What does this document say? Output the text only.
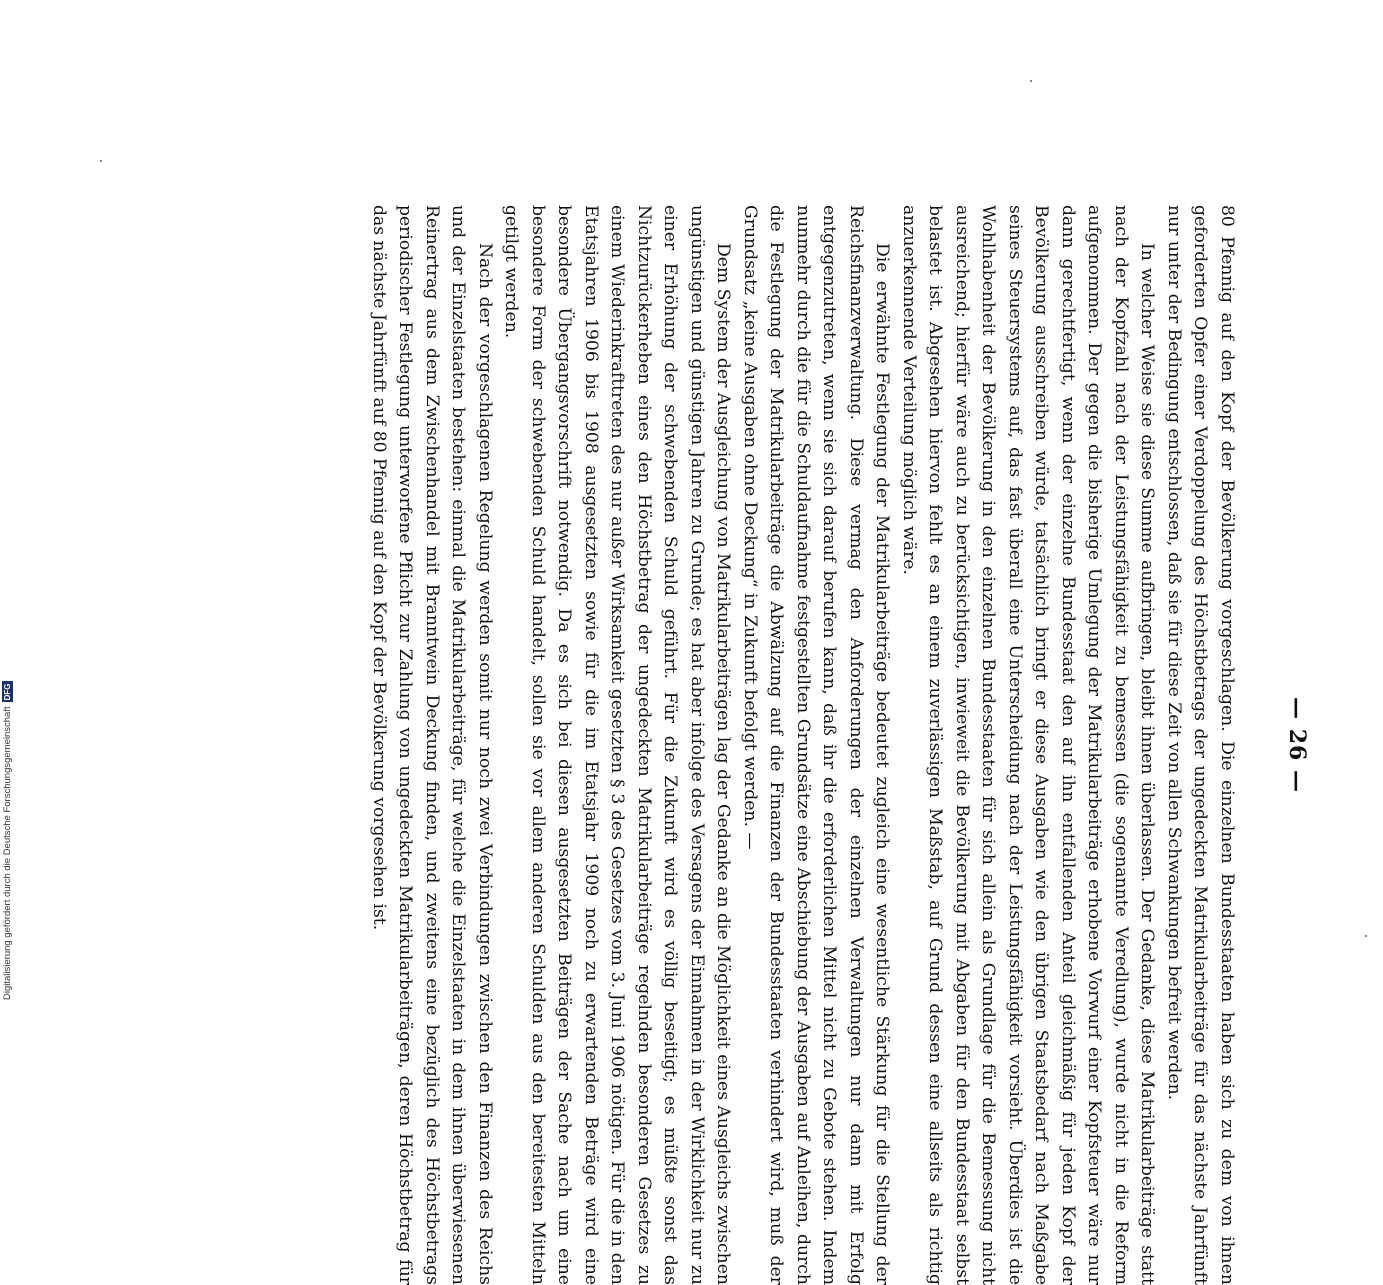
— 26 —

80 Pfennig auf den Kopf der Bevölkerung vorgeschlagen. Die einzelnen Bundesstaaten haben sich zu dem von ihnen geforderten Opfer einer Verdoppelung des Höchstbetrags der ungedeckten Matrikularbeiträge für das nächste Jahrfünft nur unter der Bedingung entschlossen, daß sie für diese Zeit von allen Schwankungen befreit werden.

In welcher Weise sie diese Summe aufbringen, bleibt ihnen überlassen. Der Gedanke, diese Matrikularbeiträge statt nach der Kopfzahl nach der Leistungsfähigkeit zu bemessen (die sogenannte Veredlung), wurde nicht in die Reform aufgenommen. Der gegen die bisherige Umlegung der Matrikularbeiträge erhobene Vorwurf einer Kopfsteuer wäre nur dann gerechtfertigt, wenn der einzelne Bundesstaat den auf ihn entfallenden Anteil gleichmäßig für jeden Kopf der Bevölkerung ausschreiben würde, tatsächlich bringt er diese Ausgaben wie den übrigen Staatsbedarf nach Maßgabe seines Steuersystems auf, das fast überall eine Unterscheidung nach der Leistungsfähigkeit vorsieht. Überdies ist die Wohlhabenheit der Bevölkerung in den einzelnen Bundesstaaten für sich allein als Grundlage für die Bemessung nicht ausreichend; hierfür wäre auch zu berücksichtigen, inwieweit die Bevölkerung mit Abgaben für den Bundesstaat selbst belastet ist. Abgesehen hiervon fehlt es an einem zuverlässigen Maßstab, auf Grund dessen eine allseits als richtig anzuerkennende Verteilung möglich wäre.

Die erwähnte Festlegung der Matrikularbeiträge bedeutet zugleich eine wesentliche Stärkung für die Stellung der Reichsfinanzverwaltung. Diese vermag den Anforderungen der einzelnen Verwaltungen nur dann mit Erfolg entgegenzutreten, wenn sie sich darauf berufen kann, daß ihr die erforderlichen Mittel nicht zu Gebote stehen. Indem nunmehr durch die für die Schuldaufnahme festgestellten Grundsätze eine Abschiebung der Ausgaben auf Anleihen, durch die Festlegung der Matrikularbeiträge die Abwälzung auf die Finanzen der Bundesstaaten verhindert wird, muß der Grundsatz „keine Ausgaben ohne Deckung“ in Zukunft befolgt werden. —

Dem System der Ausgleichung von Matrikularbeiträgen lag der Gedanke an die Möglichkeit eines Ausgleichs zwischen ungünstigen und günstigen Jahren zu Grunde; es hat aber infolge des Versagens der Einnahmen in der Wirklichkeit nur zu einer Erhöhung der schwebenden Schuld geführt. Für die Zukunft wird es völlig beseitigt; es müßte sonst das Nichtzurückerheben eines den Höchstbetrag der ungedeckten Matrikularbeiträge regelnden besonderen Gesetzes zu einem Wiederinkrafttreten des nur außer Wirksamkeit gesetzten § 3 des Gesetzes vom 3. Juni 1906 nötigen. Für die in den Etatsjahren 1906 bis 1908 ausgesetzten sowie für die im Etatsjahr 1909 noch zu erwartenden Beträge wird eine besondere Übergangsvorschrift notwendig. Da es sich bei diesen ausgesetzten Beiträgen der Sache nach um eine besondere Form der schwebenden Schuld handelt, sollen sie vor allem anderen Schulden aus den bereitesten Mitteln getilgt werden.

Nach der vorgeschlagenen Regelung werden somit nur noch zwei Verbindungen zwischen den Finanzen des Reichs und der Einzelstaaten bestehen: einmal die Matrikularbeiträge, für welche die Einzelstaaten in dem ihnen überwiesenen Reinertrag aus dem Zwischenhandel mit Branntwein Deckung finden, und zweitens eine bezüglich des Höchstbetrags periodischer Festlegung unterworfene Pflicht zur Zahlung von ungedeckten Matrikularbeiträgen, deren Höchstbetrag für das nächste Jahrfünft auf 80 Pfennig auf den Kopf der Bevölkerung vorgesehen ist.

Digitalisierung gefördert durch die Deutsche Forschungsgemeinschaft
DFG
